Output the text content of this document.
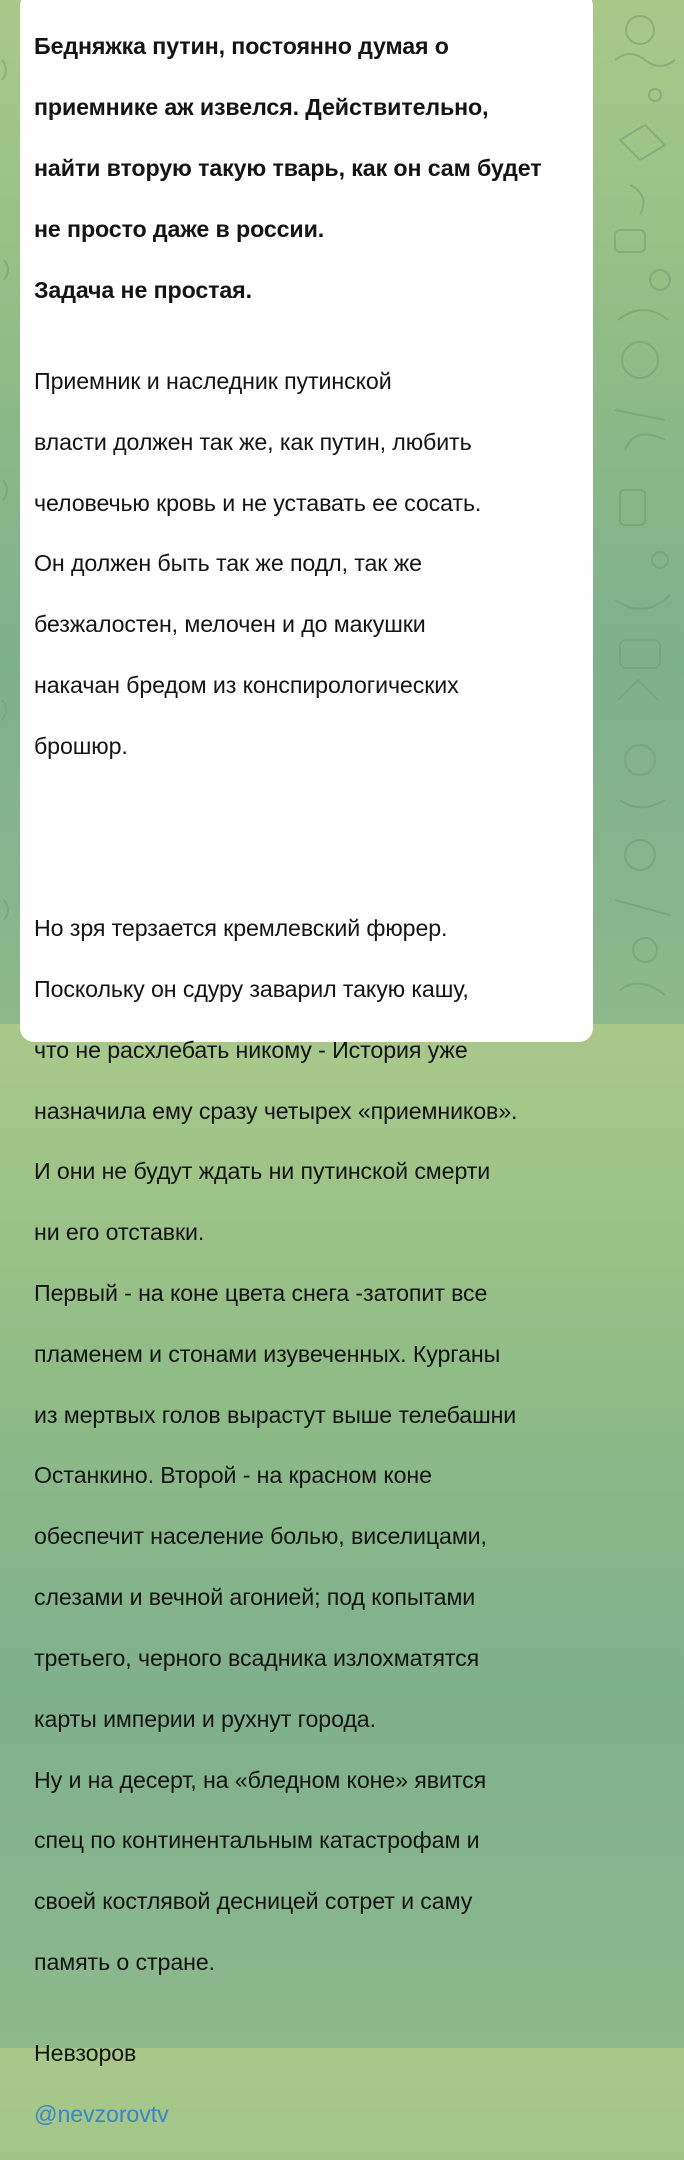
Бедняжка путин, постоянно думая о

приемнике аж извелся. Действительно,

найти вторую такую тварь, как он сам будет

не просто даже в россии.

Задача не простая.

Приемник и наследник путинской

власти должен так же, как путин, любить

человечью кровь и не уставать ее сосать.

Он должен быть так же подл, так же

безжалостен, мелочен и до макушки

накачан бредом из конспирологических

брошюр.

Но зря терзается кремлевский фюрер.

Поскольку он сдуру заварил такую кашу,

что не расхлебать никому - История уже

назначила ему сразу четырех «приемников».

И они не будут ждать ни путинской смерти

ни его отставки.

Первый - на коне цвета снега -затопит все

пламенем и стонами изувеченных. Курганы

из мертвых голов вырастут выше телебашни

Останкино. Второй - на красном коне

обеспечит население болью, виселицами,

слезами и вечной агонией; под копытами

третьего, черного всадника излохматятся

карты империи и рухнут города.

Ну и на десерт, на «бледном коне» явится

спец по континентальным катастрофам и

своей костлявой десницей сотрет и саму

память о стране.

Невзоров

@nevzorovtv
